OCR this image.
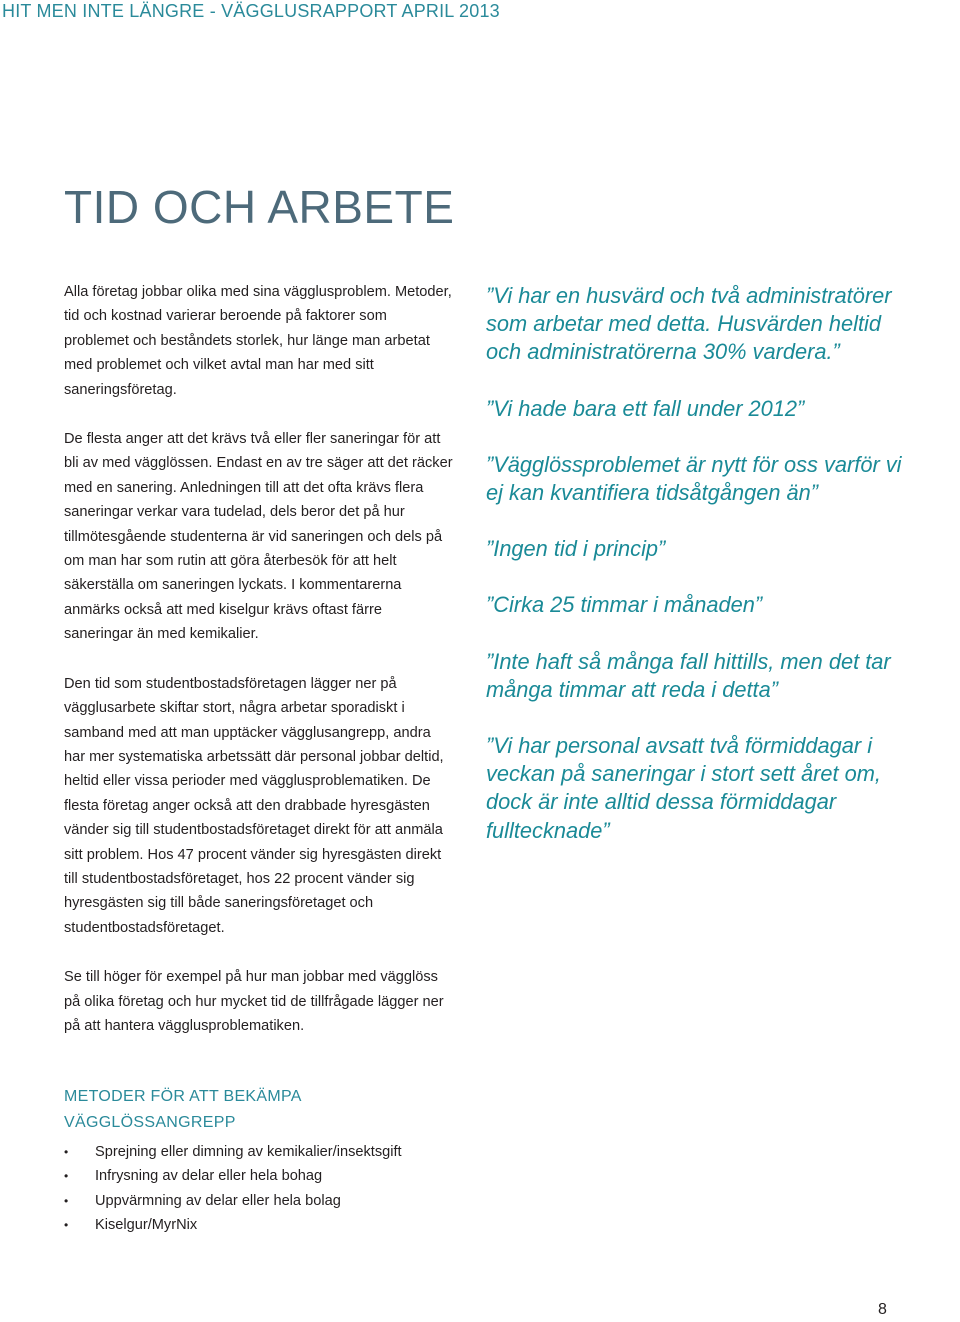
HIT MEN INTE LÄNGRE - VÄGGLUSRAPPORT APRIL 2013
TID OCH ARBETE

Alla företag jobbar olika med sina vägglusproblem. Metoder, tid och kostnad varierar beroende på faktorer som problemet och beståndets storlek, hur länge man arbetat med problemet och vilket avtal man har med sitt saneringsföretag.

De flesta anger att det krävs två eller fler saneringar för att bli av med vägglössen. Endast en av tre säger att det räcker med en sanering. Anledningen till att det ofta krävs flera saneringar verkar vara tudelad, dels beror det på hur tillmötesgående studenterna är vid saneringen och dels på om man har som rutin att göra återbesök för att helt säkerställa om saneringen lyckats. I kommentarerna anmärks också att med kiselgur krävs oftast färre saneringar än med kemikalier.

Den tid som studentbostadsföretagen lägger ner på vägglusarbete skiftar stort, några arbetar sporadiskt i samband med att man upptäcker vägglusangrepp, andra har mer systematiska arbetssätt där personal jobbar deltid, heltid eller vissa perioder med vägglusproblematiken. De flesta företag anger också att den drabbade hyresgästen vänder sig till studentbostadsföretaget direkt för att anmäla sitt problem. Hos 47 procent vänder sig hyresgästen direkt till studentbostadsföretaget, hos 22 procent vänder sig hyresgästen sig till både saneringsföretaget och studentbostadsföretaget.

Se till höger för exempel på hur man jobbar med vägglöss på olika företag och hur mycket tid de tillfrågade lägger ner på att hantera vägglusproblematiken.

”Vi har en husvärd och två administratörer som arbetar med detta. Husvärden heltid och administratörerna 30% vardera.”

”Vi hade bara ett fall under 2012”

”Vägglössproblemet är nytt för oss varför vi ej kan kvantifiera tidsåtgången än”

”Ingen tid i princip”

”Cirka 25 timmar i månaden”

”Inte haft så många fall hittills, men det tar många timmar att reda i detta”

”Vi har personal avsatt två förmiddagar i veckan på saneringar i stort sett året om, dock är inte alltid dessa förmiddagar fulltecknade”

METODER FÖR ATT BEKÄMPA
VÄGGLÖSSANGREPP
• Sprejning eller dimning av kemikalier/insektsgift
• Infrysning av delar eller hela bohag
• Uppvärmning av delar eller hela bolag
• Kiselgur/MyrNix
8
